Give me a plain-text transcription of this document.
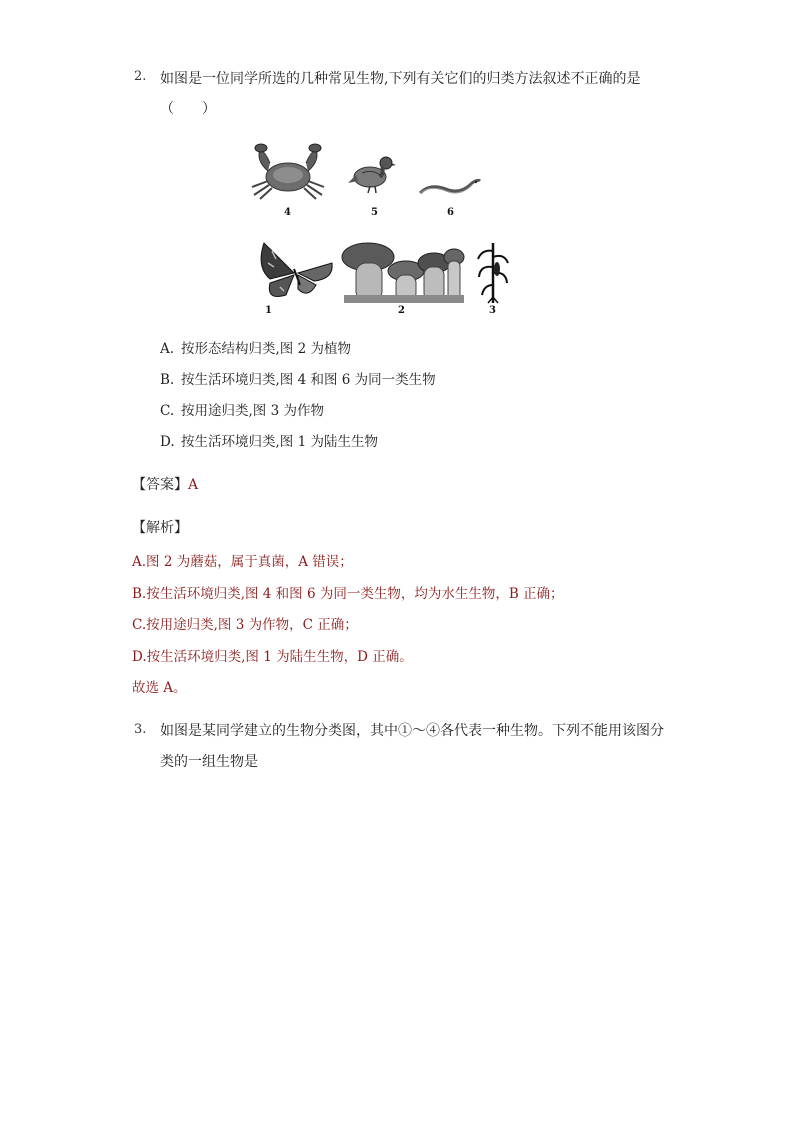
2. 如图是一位同学所选的几种常见生物,下列有关它们的归类方法叙述不正确的是
（　　）
4	5	6
1	2	3
A. 按形态结构归类,图 2 为植物
B. 按生活环境归类,图 4 和图 6 为同一类生物
C. 按用途归类,图 3 为作物
D. 按生活环境归类,图 1 为陆生生物
【答案】A
【解析】
A.图 2 为蘑菇，属于真菌，A 错误；
B.按生活环境归类,图 4 和图 6 为同一类生物，均为水生生物，B 正确；
C.按用途归类,图 3 为作物，C 正确；
D.按生活环境归类,图 1 为陆生生物，D 正确。
故选 A。
3. 如图是某同学建立的生物分类图，其中①～④各代表一种生物。下列不能用该图分
类的一组生物是
